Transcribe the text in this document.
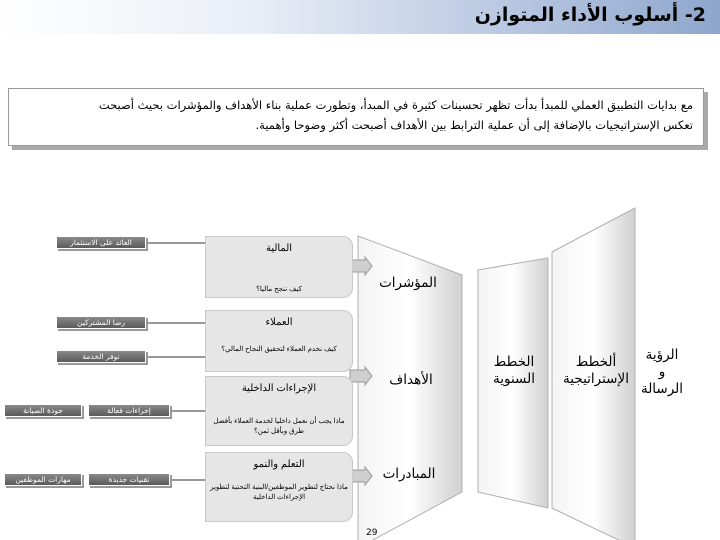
2- أسلوب الأداء المتوازن

مع بدايات التطبيق العملي للمبدأ بدأت تظهر تحسينات كثيرة في المبدأ، وتطورت عملية بناء الأهداف والمؤشرات بحيث أصبحت

تعكس الإستراتيجيات بالإضافة إلى أن عملية الترابط بين الأهداف أصبحت أكثر وضوحا وأهمية.

الرؤية
و
الرسالة
ألخطط
الإستراتيجية
الخطط
السنوية
المؤشرات
الأهداف
المبادرات
المالية
كيف ننجح ماليا؟
العملاء
كيف نخدم العملاء لتحقيق النجاح المالي؟
الإجراءات الداخلية
ماذا يجب أن نعمل داخليا لخدمة العملاء بأفضل طرق وبأقل ثمن؟
التعلم والنمو
ماذا نحتاج لتطوير الموظفين/البنية التحتية لتطوير الإجراءات الداخلية
العائد على الاستثمار
رضا المشتركين
توفر الخدمة
إجراءات فعالة
جودة الصيانة
تقنيات جديدة
مهارات الموظفين
29
